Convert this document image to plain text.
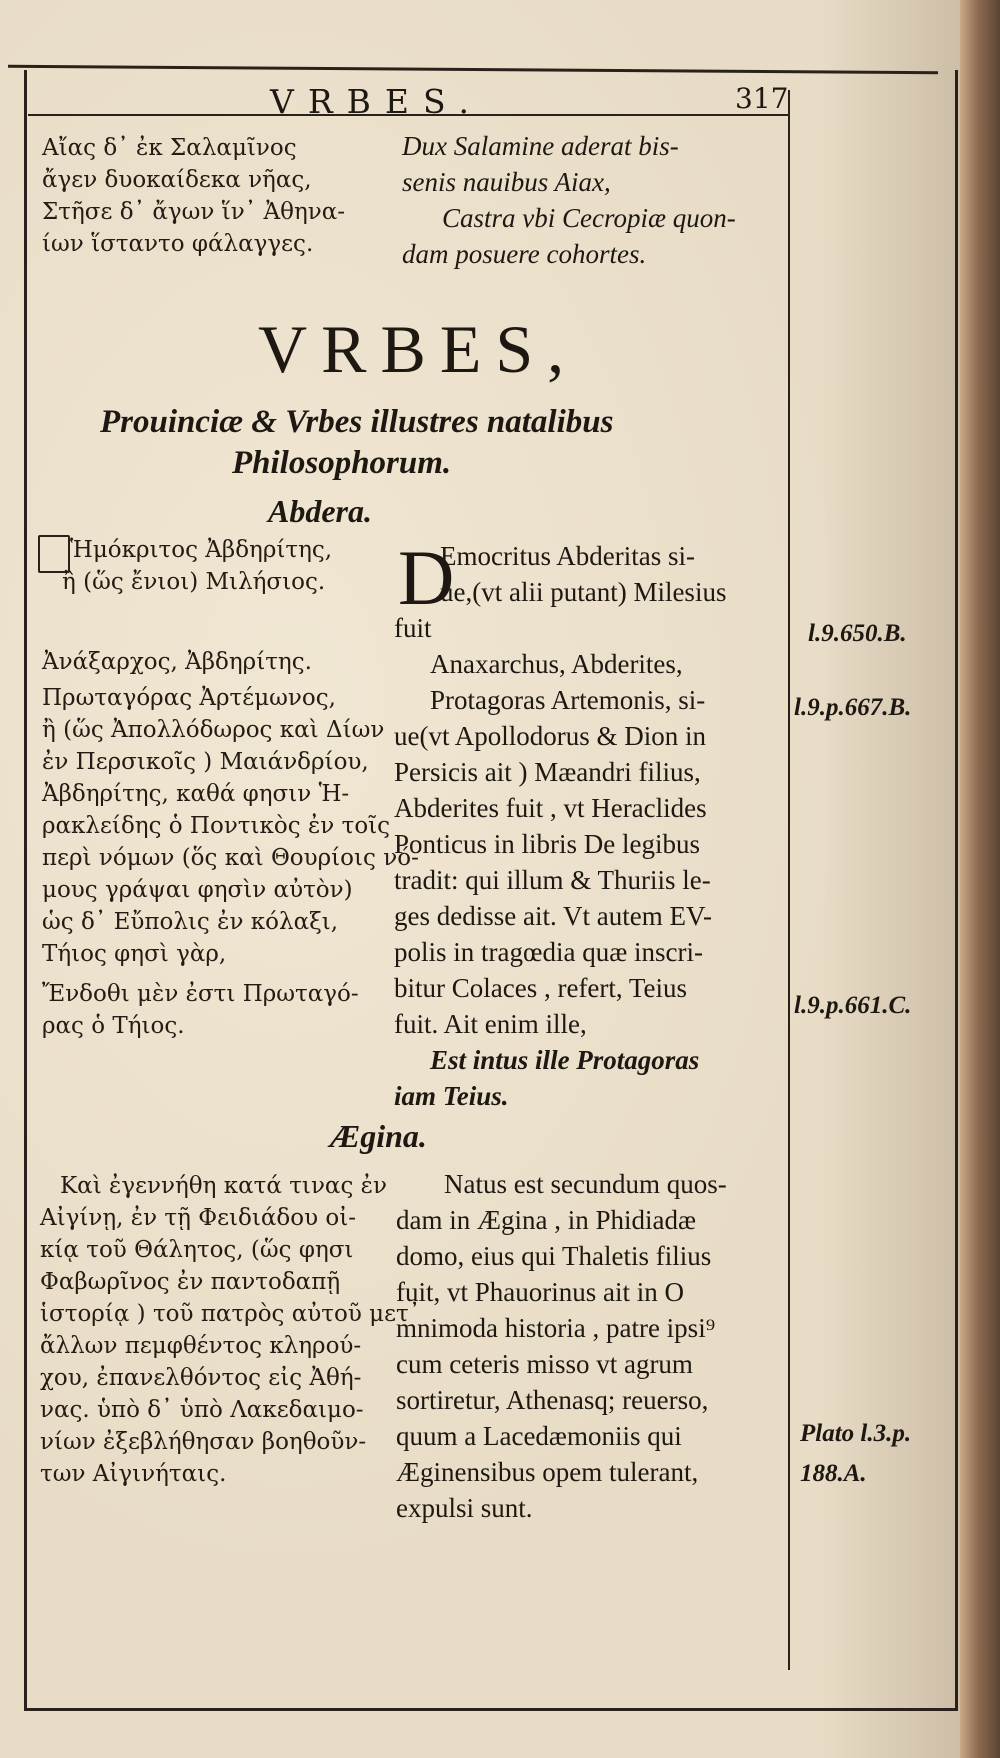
VRBES.	317
Αἴας δ᾽ ἐκ Σαλαμῖνος
ἄγεν δυοκαίδεκα νῆας,
Στῆσε δ᾽ ἄγων ἵν᾽ Ἀθηνα-
ίων ἵσταντο φάλαγγες.
Dux Salamine aderat bis-
senis nauibus Aiax,
Castra vbi Cecropiæ quon-
dam posuere cohortes.
VRBES,
Prouinciæ & Vrbes illustres natalibus
Philosophorum.
Abdera.
Ἡμόκριτος Ἀβδηρίτης,
ἢ (ὥς ἔνιοι) Μιλήσιος.
Ἀνάξαρχος, Ἀβδηρίτης.
Πρωταγόρας Ἀρτέμωνος,
ἢ (ὥς Ἀπολλόδωρος καὶ Δίων
ἐν Περσικοῖς ) Μαιάνδρίου,
Ἀβδηρίτης, καθά φησιν Ἡ-
ρακλείδης ὁ Ποντικὸς ἐν τοῖς
περὶ νόμων (ὅς καὶ Θουρίοις νό-
μους γράψαι φησὶν αὐτὸν)
ὡς δ᾽ Εὔπολις ἐν κόλαξι,
Τήιος φησὶ γὰρ,
Ἔνδοθι μὲν ἐστι Πρωταγό-
ρας ὁ Τήιος.
D
Emocritus Abderitas si-
ue,(vt alii putant) Milesius
fuit
Anaxarchus, Abderites,
Protagoras Artemonis, si-
ue(vt Apollodorus & Dion in
Persicis ait ) Mæandri filius,
Abderites fuit , vt Heraclides
Ponticus in libris De legibus
tradit: qui illum & Thuriis le-
ges dedisse ait. Vt autem EV-
polis in tragœdia quæ inscri-
bitur Colaces , refert, Teius
fuit. Ait enim ille,
Est intus ille Protagoras
iam Teius.
Ægina.
Καὶ ἐγεννήθη κατά τινας ἐν
Αἰγίνῃ, ἐν τῇ Φειδιάδου οἰ-
κίᾳ τοῦ Θάλητος, (ὥς φησι
Φαβωρῖνος ἐν παντοδαπῇ
ἱστορίᾳ ) τοῦ πατρὸς αὐτοῦ μετ᾽
ἄλλων πεμφθέντος κληρού-
χου, ἐπανελθόντος εἰς Ἀθή-
νας. ὑπὸ δ᾽ ὑπὸ Λακεδαιμο-
νίων ἐξεβλήθησαν βοηθοῦν-
των Αἰγινήταις.
Natus est secundum quos-
dam in Ægina , in Phidiadæ
domo, eius qui Thaletis filius
fuit, vt Phauorinus ait in O
mnimoda historia , patre ipsi⁹
cum ceteris misso vt agrum
sortiretur, Athenasq; reuerso,
quum a Lacedæmoniis qui
Æginensibus opem tulerant,
expulsi sunt.
l.9.650.B.
l.9.p.667.B.
l.9.p.661.C.
Plato l.3.p.
188.A.
